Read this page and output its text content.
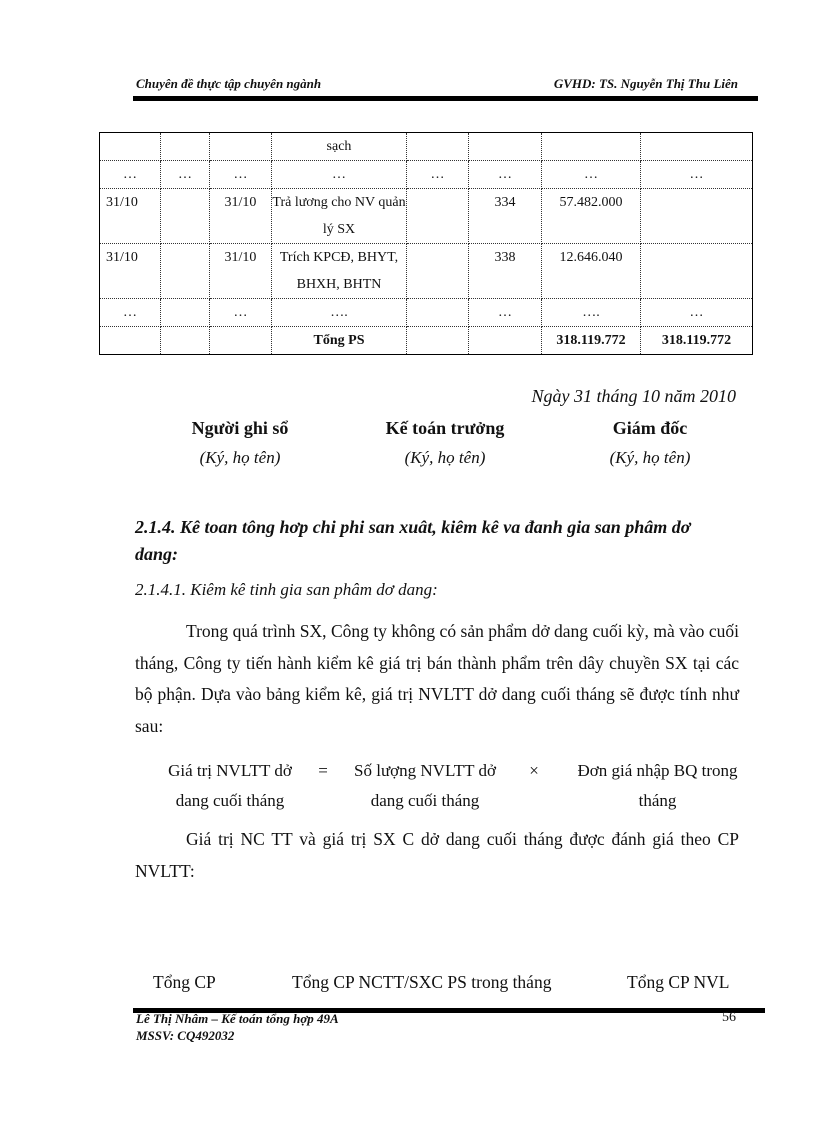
Chuyên đề thực tập chuyên ngành	GVHD: TS. Nguyễn Thị Thu Liên
			sạch				
…	…	…	…	…	…	…	…
31/10		31/10	Trả lương cho NV quản lý SX		334	57.482.000	
31/10		31/10	Trích KPCĐ, BHYT, BHXH, BHTN		338	12.646.040	
…		…	….		…	….	…
			Tổng PS			318.119.772	318.119.772
Ngày 31 tháng 10 năm 2010
Người ghi sổ
(Ký, họ tên)
Kế toán trưởng
(Ký, họ tên)
Giám đốc
(Ký, họ tên)
2.1.4. Kê toan tông hơp chi phi san xuât, kiêm kê va đanh gia san phâm dơ dang:
2.1.4.1. Kiêm kê tinh gia san phâm dơ dang:
Trong quá trình SX, Công ty không có sản phẩm dở dang cuối kỳ, mà vào cuối tháng, Công ty tiến hành kiểm kê giá trị bán thành phẩm trên dây chuyền SX tại các bộ phận. Dựa vào bảng kiểm kê, giá trị NVLTT dở dang cuối tháng sẽ được tính như sau:
Giá trị NVLTT dở
dang cuối tháng
=	Số lượng NVLTT dở
dang cuối tháng
×	Đơn giá nhập BQ trong
tháng
Giá trị NC TT và giá trị SX C dở dang cuối tháng được đánh giá theo CP NVLTT:
Tổng CP	Tổng CP NCTT/SXC PS trong tháng	Tổng CP NVL
Lê Thị Nhâm – Kế toán tổng hợp 49A
MSSV: CQ492032
56
